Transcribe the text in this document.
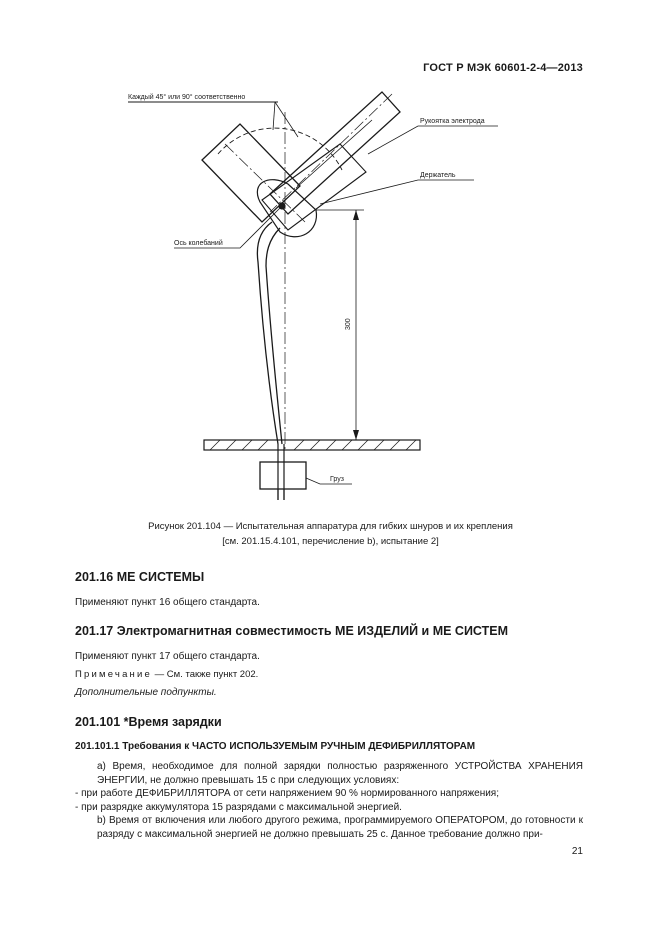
ГОСТ Р МЭК 60601-2-4—2013
Каждый 45° или 90° соответственно
Рукоятка электрода
Держатель
Ось колебаний
300
Груз
Рисунок 201.104 — Испытательная аппаратура для гибких шнуров и их крепления
[см. 201.15.4.101, перечисление b), испытание 2]
201.16 МЕ СИСТЕМЫ
Применяют пункт 16 общего стандарта.
201.17 Электромагнитная совместимость МЕ ИЗДЕЛИЙ и МЕ СИСТЕМ
Применяют пункт 17 общего стандарта.
Примечание — См. также пункт 202.
Дополнительные подпункты.
201.101 *Время зарядки
201.101.1 Требования к ЧАСТО ИСПОЛЬЗУЕМЫМ РУЧНЫМ ДЕФИБРИЛЛЯТОРАМ
а) Время, необходимое для полной зарядки полностью разряженного УСТРОЙСТВА ХРАНЕНИЯ ЭНЕРГИИ, не должно превышать 15 с при следующих условиях:
- при работе ДЕФИБРИЛЛЯТОРА от сети напряжением 90 % нормированного напряжения;
- при разрядке аккумулятора 15 разрядами с максимальной энергией.
b) Время от включения или любого другого режима, программируемого ОПЕРАТОРОМ, до готовности к разряду с максимальной энергией не должно превышать 25 с. Данное требование должно при-
21
